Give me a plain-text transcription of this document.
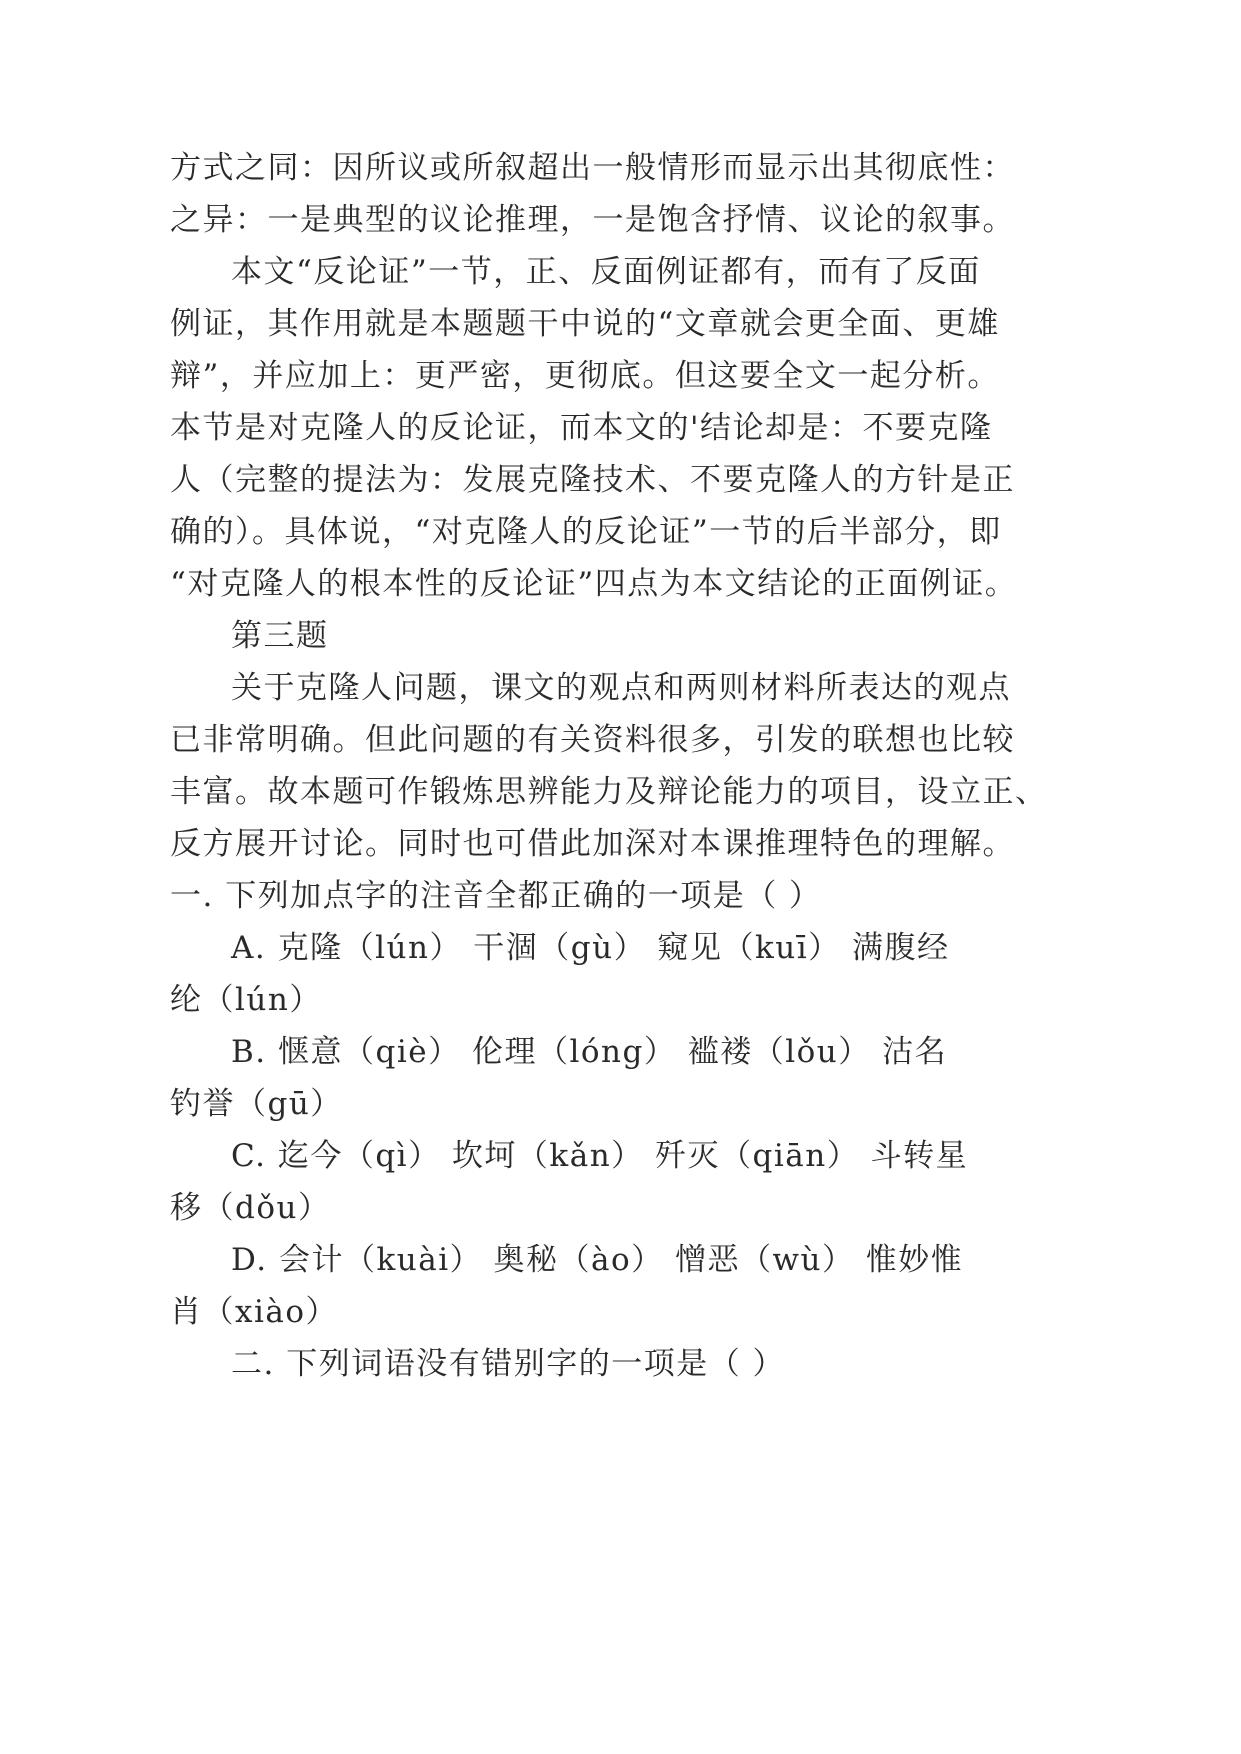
方式之同：因所议或所叙超出一般情形而显示出其彻底性：
之异：一是典型的议论推理，一是饱含抒情、议论的叙事。
本文“反论证”一节，正、反面例证都有，而有了反面
例证，其作用就是本题题干中说的“文章就会更全面、更雄
辩”，并应加上：更严密，更彻底。但这要全文一起分析。
本节是对克隆人的反论证，而本文的'结论却是：不要克隆
人（完整的提法为：发展克隆技术、不要克隆人的方针是正
确的）。具体说，“对克隆人的反论证”一节的后半部分，即
“对克隆人的根本性的反论证”四点为本文结论的正面例证。
第三题
关于克隆人问题，课文的观点和两则材料所表达的观点
已非常明确。但此问题的有关资料很多，引发的联想也比较
丰富。故本题可作锻炼思辨能力及辩论能力的项目，设立正、
反方展开讨论。同时也可借此加深对本课推理特色的理解。
一. 下列加点字的注音全都正确的一项是（ ）
A. 克隆（lún） 干涸（gù） 窥见（kuī） 满腹经
纶（lún）
B. 惬意（qiè） 伦理（lóng） 褴褛（lǒu） 沽名
钓誉（gū）
C. 迄今（qì） 坎坷（kǎn） 歼灭（qiān） 斗转星
移（dǒu）
D. 会计（kuài） 奥秘（ào） 憎恶（wù） 惟妙惟
肖（xiào）
二. 下列词语没有错别字的一项是（ ）
